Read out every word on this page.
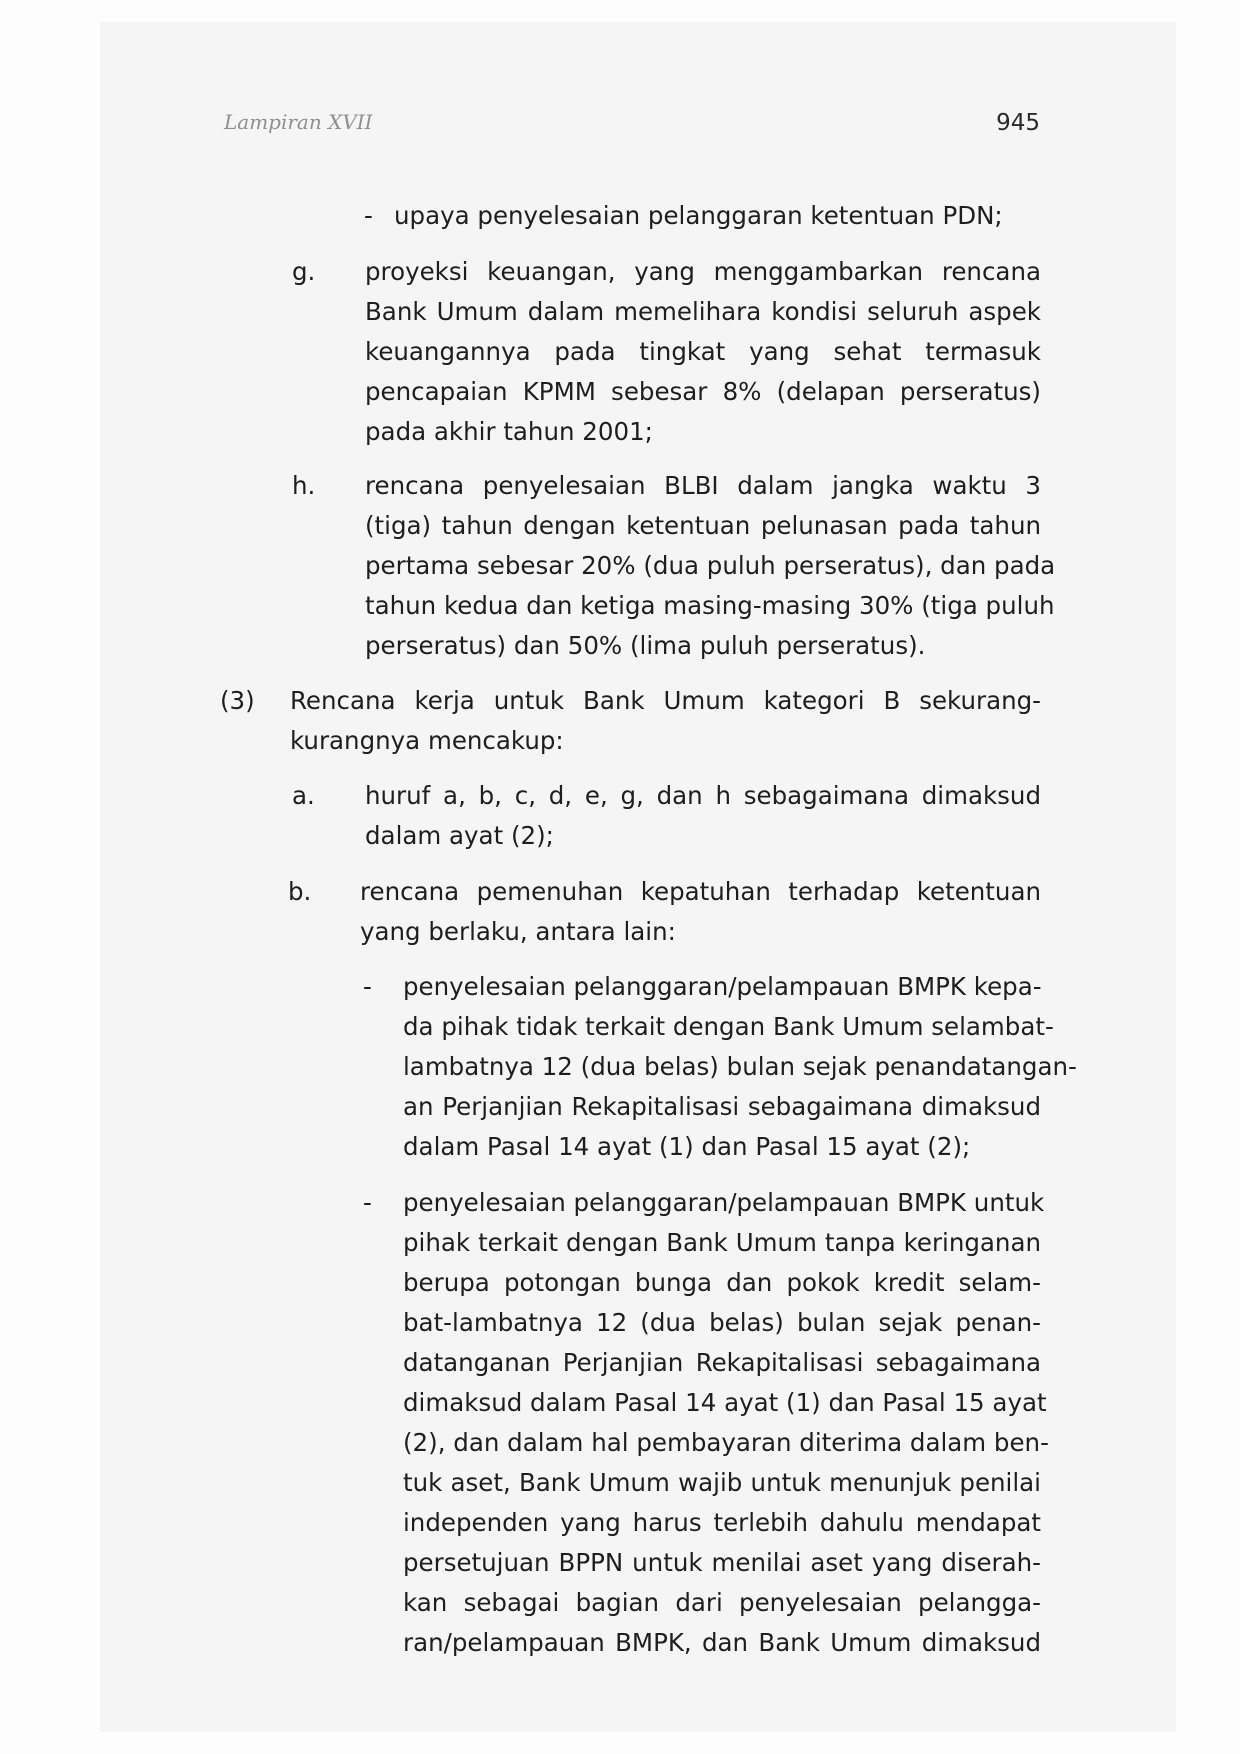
Lampiran XVII	945
- upaya penyelesaian pelanggaran ketentuan PDN;
g. proyeksi keuangan, yang menggambarkan rencana
Bank Umum dalam memelihara kondisi seluruh aspek
keuangannya pada tingkat yang sehat termasuk
pencapaian KPMM sebesar 8% (delapan perseratus)
pada akhir tahun 2001;
h. rencana penyelesaian BLBI dalam jangka waktu 3
(tiga) tahun dengan ketentuan pelunasan pada tahun
pertama sebesar 20% (dua puluh perseratus), dan pada
tahun kedua dan ketiga masing-masing 30% (tiga puluh
perseratus) dan 50% (lima puluh perseratus).
(3) Rencana kerja untuk Bank Umum kategori B sekurang-
kurangnya mencakup:
a. huruf a, b, c, d, e, g, dan h sebagaimana dimaksud
dalam ayat (2);
b. rencana pemenuhan kepatuhan terhadap ketentuan
yang berlaku, antara lain:
- penyelesaian pelanggaran/pelampauan BMPK kepa-
da pihak tidak terkait dengan Bank Umum selambat-
lambatnya 12 (dua belas) bulan sejak penandatangan-
an Perjanjian Rekapitalisasi sebagaimana dimaksud
dalam Pasal 14 ayat (1) dan Pasal 15 ayat (2);
- penyelesaian pelanggaran/pelampauan BMPK untuk
pihak terkait dengan Bank Umum tanpa keringanan
berupa potongan bunga dan pokok kredit selam-
bat-lambatnya 12 (dua belas) bulan sejak penan-
datanganan Perjanjian Rekapitalisasi sebagaimana
dimaksud dalam Pasal 14 ayat (1) dan Pasal 15 ayat
(2), dan dalam hal pembayaran diterima dalam ben-
tuk aset, Bank Umum wajib untuk menunjuk penilai
independen yang harus terlebih dahulu mendapat
persetujuan BPPN untuk menilai aset yang diserah-
kan sebagai bagian dari penyelesaian pelangga-
ran/pelampauan BMPK, dan Bank Umum dimaksud
